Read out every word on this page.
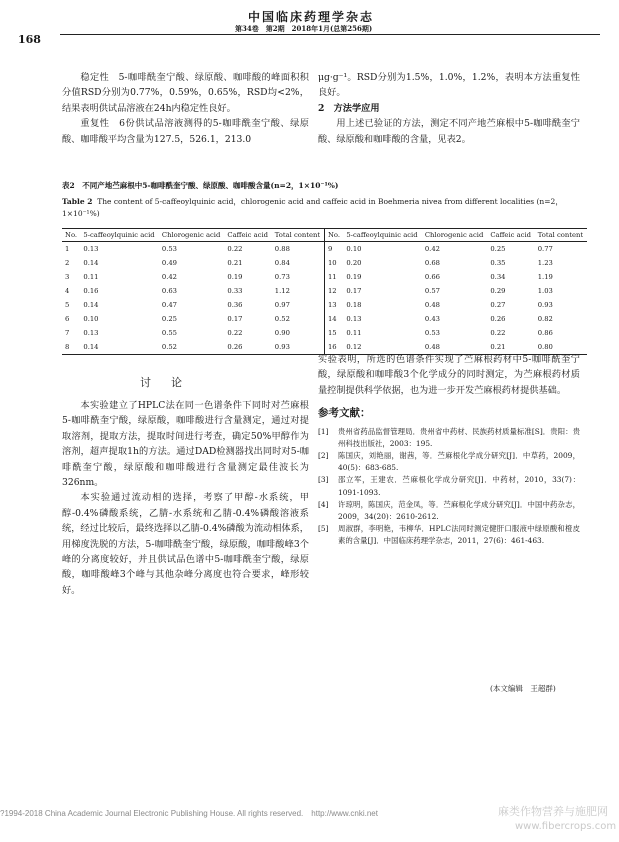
168
中国临床药理学杂志
第34卷　第2期　2018年1月(总第256期)

稳定性　5-咖啡酰奎宁酸、绿原酸、咖啡酸的峰面积积分值RSD分别为0.77%，0.59%，0.65%，RSD均<2%，结果表明供试品溶液在24h内稳定性良好。

重复性　6份供试品溶液测得的5-咖啡酰奎宁酸、绿原酸、咖啡酸平均含量为127.5，526.1，213.0

μg·g⁻¹。RSD分别为1.5%，1.0%，1.2%，表明本方法重复性良好。

2　方法学应用

用上述已验证的方法，测定不同产地苎麻根中5-咖啡酰奎宁酸、绿原酸和咖啡酸的含量，见表2。

表2　不同产地苎麻根中5-咖啡酰奎宁酸、绿原酸、咖啡酸含量(n=2，1×10⁻¹%)
Table 2 The content of 5-caffeoylquinic acid，chlorogenic acid and caffeic acid in Boehmeria nivea from different localities (n=2，1×10⁻¹%)
No.	5-caffeoylquinic acid	Chlorogenic acid	Caffeic acid	Total content	No.	5-caffeoylquinic acid	Chlorogenic acid	Caffeic acid	Total content
1	0.13	0.53	0.22	0.88	9	0.10	0.42	0.25	0.77
2	0.14	0.49	0.21	0.84	10	0.20	0.68	0.35	1.23
3	0.11	0.42	0.19	0.73	11	0.19	0.66	0.34	1.19
4	0.16	0.63	0.33	1.12	12	0.17	0.57	0.29	1.03
5	0.14	0.47	0.36	0.97	13	0.18	0.48	0.27	0.93
6	0.10	0.25	0.17	0.52	14	0.13	0.43	0.26	0.82
7	0.13	0.55	0.22	0.90	15	0.11	0.53	0.22	0.86
8	0.14	0.52	0.26	0.93	16	0.12	0.48	0.21	0.80
讨论

本实验建立了HPLC法在同一色谱条件下同时对苎麻根5-咖啡酰奎宁酸，绿原酸，咖啡酸进行含量测定，通过对提取溶剂，提取方法，提取时间进行考查，确定50%甲醇作为溶剂，超声提取1h的方法。通过DAD检测器找出同时对5-咖啡酰奎宁酸，绿原酸和咖啡酸进行含量测定最佳波长为326nm。

本实验通过流动相的选择，考察了甲醇-水系统，甲醇-0.4%磷酸系统，乙腈-水系统和乙腈-0.4%磷酸溶液系统，经过比较后，最终选择以乙腈-0.4%磷酸为流动相体系，用梯度洗脱的方法，5-咖啡酰奎宁酸，绿原酸，咖啡酸峰3个峰的分离度较好，并且供试品色谱中5-咖啡酰奎宁酸，绿原酸，咖啡酸峰3个峰与其他杂峰分离度也符合要求，峰形较好。

实验表明，所选的色谱条件实现了苎麻根药材中5-咖啡酰奎宁酸，绿原酸和咖啡酸3个化学成分的同时测定，为苎麻根药材质量控制提供科学依据，也为进一步开发苎麻根药材提供基础。

参考文献：
[1] 贵州省药品监督管理局．贵州省中药材、民族药材质量标准[S]．贵阳：贵州科技出版社，2003：195.
[2] 陈国庆，刘艳丽，谢茜，等．苎麻根化学成分研究[J]．中草药，2009，40(5)：683-685.
[3] 邵立军，王建农．苎麻根化学成分研究[J]．中药材，2010，33(7)：1091-1093.
[4] 许琼明，陈国庆，范金凤，等．苎麻根化学成分研究[J]．中国中药杂志，2009，34(20)：2610-2612.
[5] 周淑群，李明艳，韦柳华．HPLC法同时测定健肝口服液中绿原酸和橙皮素的含量[J]．中国临床药理学杂志，2011，27(6)：461-463.
(本文编辑　王超群)
?1994-2018 China Academic Journal Electronic Publishing House. All rights reserved.　http://www.cnki.net	麻类作物营养与施肥网
www.fibercrops.com
